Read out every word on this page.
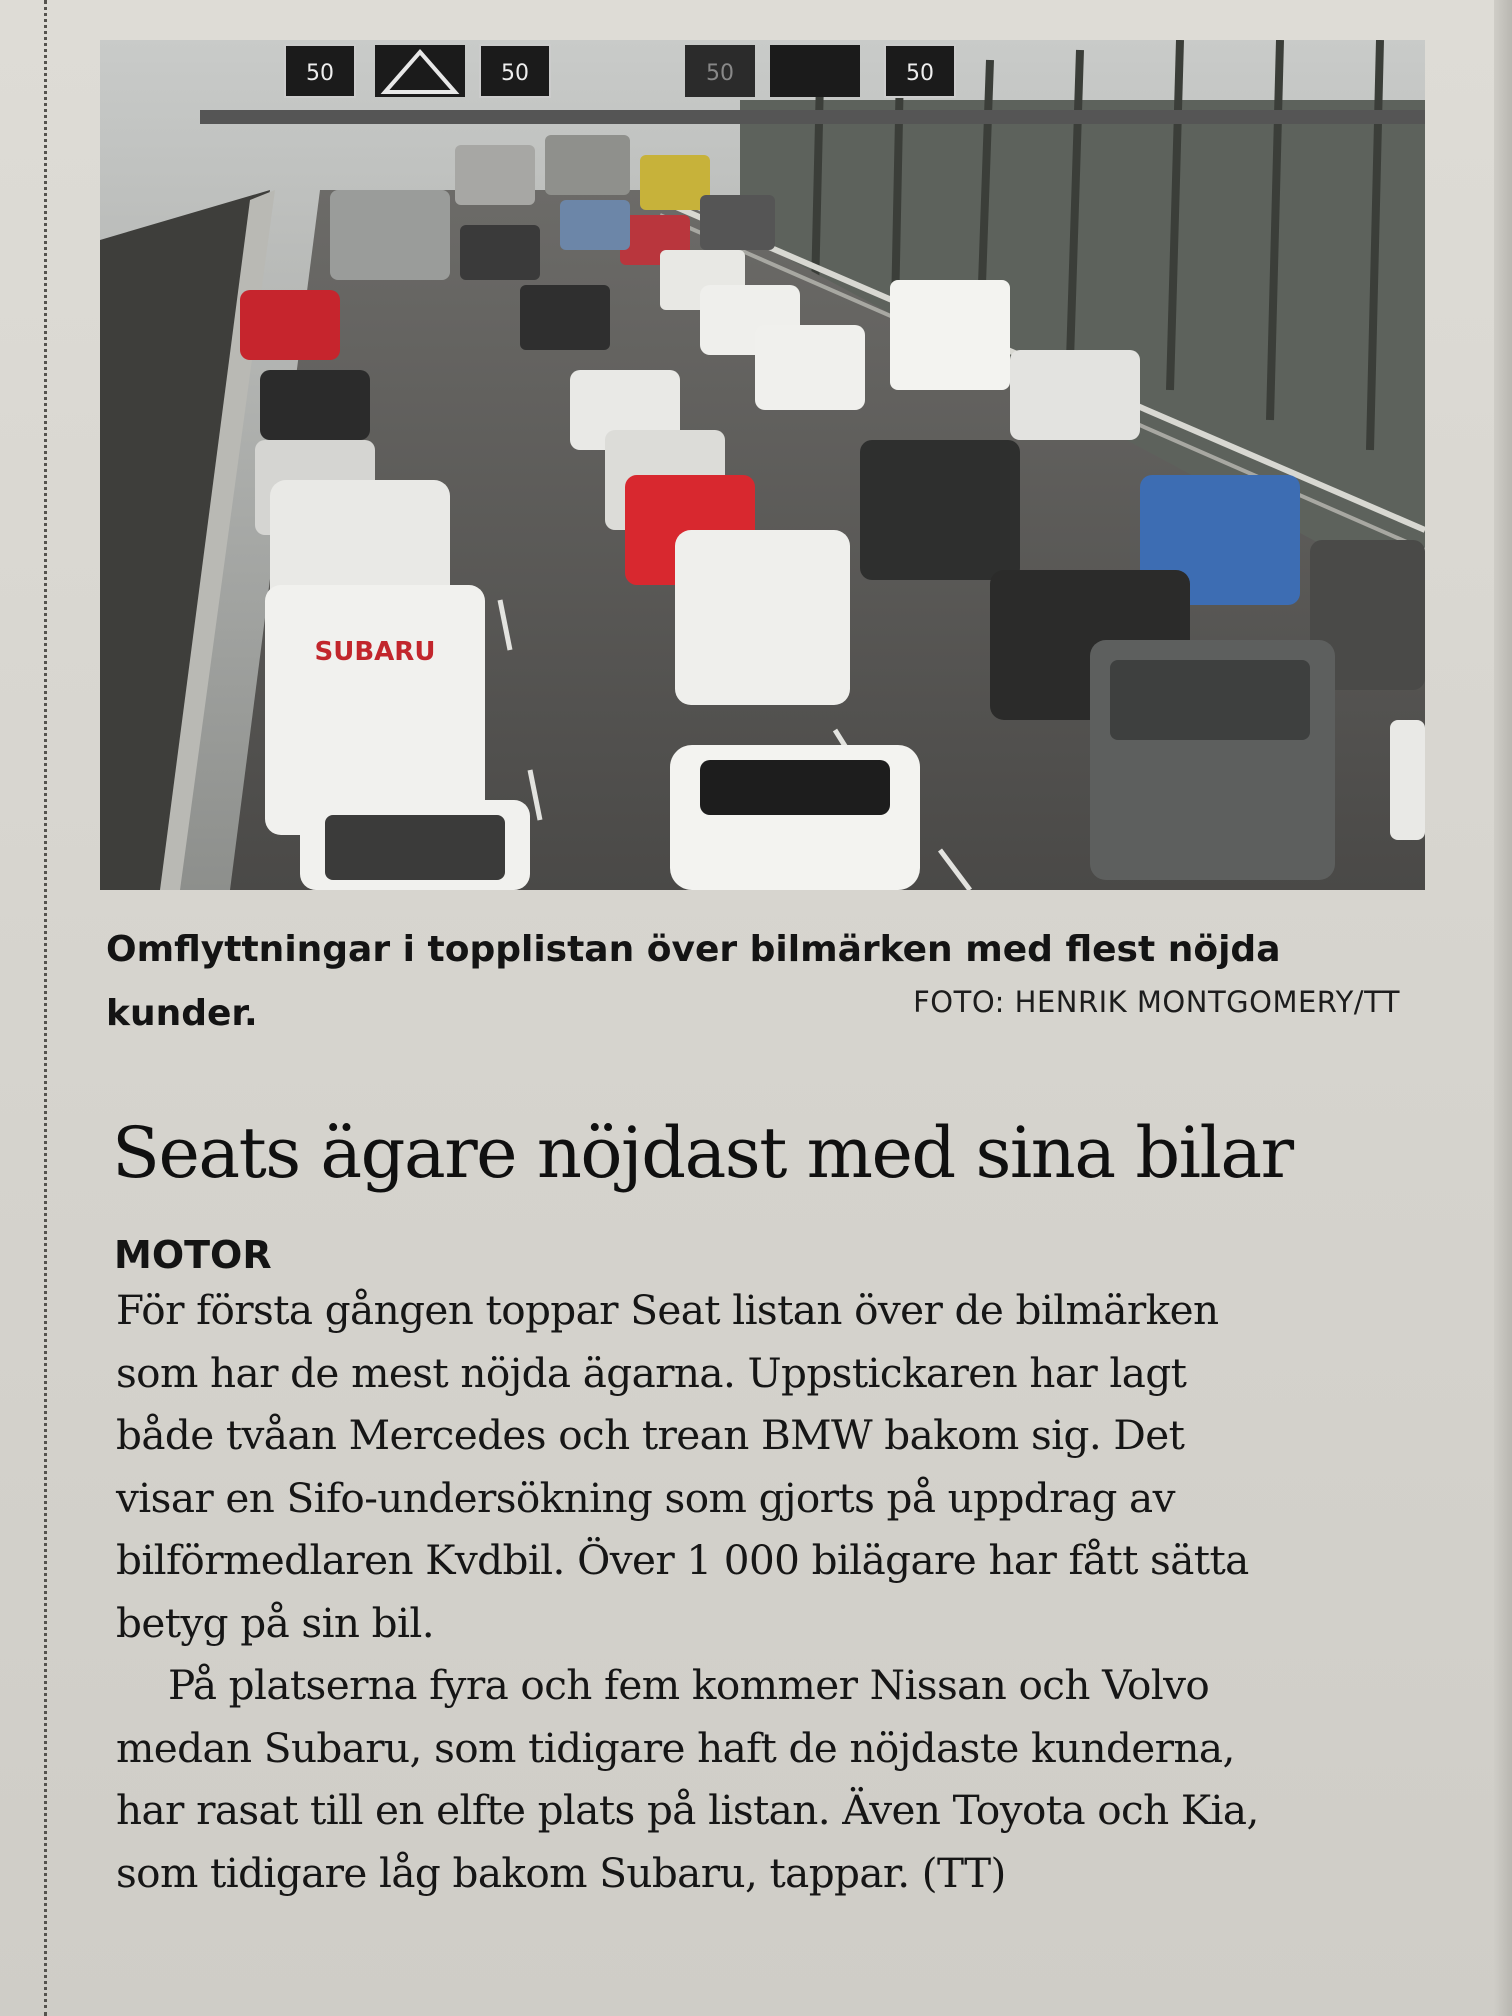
50	50	50	50
SUBARU
Omflyttningar i topplistan över bilmärken med flest nöjda
kunder.	FOTO: HENRIK MONTGOMERY/TT
Seats ägare nöjdast med sina bilar
MOTOR
För första gången toppar Seat listan över de bilmärken
som har de mest nöjda ägarna. Uppstickaren har lagt
både tvåan Mercedes och trean BMW bakom sig. Det
visar en Sifo-undersökning som gjorts på uppdrag av
bilförmedlaren Kvdbil. Över 1 000 bilägare har fått sätta
betyg på sin bil.
På platserna fyra och fem kommer Nissan och Volvo
medan Subaru, som tidigare haft de nöjdaste kunderna,
har rasat till en elfte plats på listan. Även Toyota och Kia,
som tidigare låg bakom Subaru, tappar. (TT)
